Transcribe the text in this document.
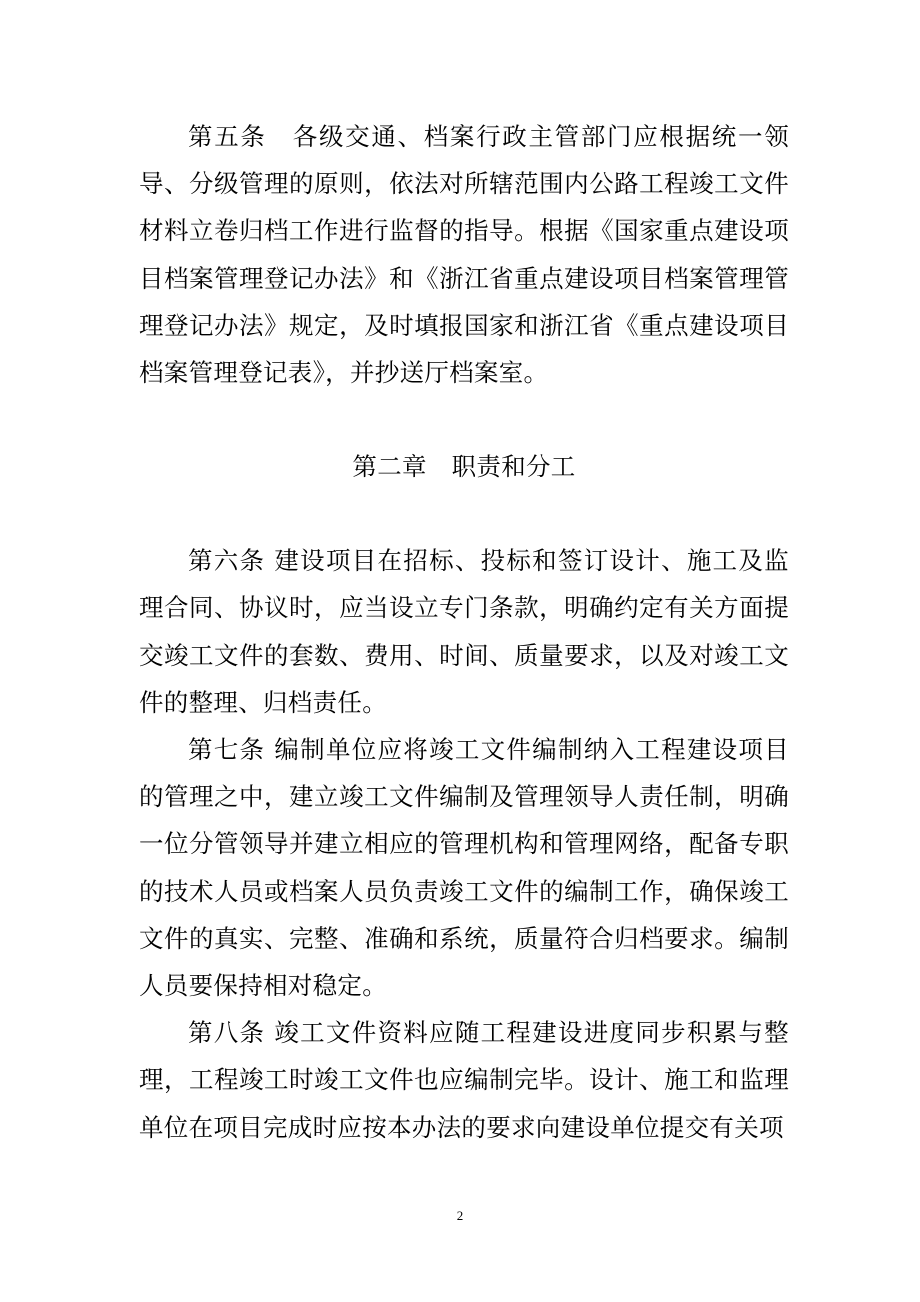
第五条　各级交通、档案行政主管部门应根据统一领导、分级管理的原则，依法对所辖范围内公路工程竣工文件材料立卷归档工作进行监督的指导。根据《国家重点建设项目档案管理登记办法》和《浙江省重点建设项目档案管理管理登记办法》规定，及时填报国家和浙江省《重点建设项目档案管理登记表》，并抄送厅档案室。

第二章　职责和分工

第六条 建设项目在招标、投标和签订设计、施工及监理合同、协议时，应当设立专门条款，明确约定有关方面提交竣工文件的套数、费用、时间、质量要求，以及对竣工文件的整理、归档责任。

第七条 编制单位应将竣工文件编制纳入工程建设项目的管理之中，建立竣工文件编制及管理领导人责任制，明确一位分管领导并建立相应的管理机构和管理网络，配备专职的技术人员或档案人员负责竣工文件的编制工作，确保竣工文件的真实、完整、准确和系统，质量符合归档要求。编制人员要保持相对稳定。

第八条 竣工文件资料应随工程建设进度同步积累与整理，工程竣工时竣工文件也应编制完毕。设计、施工和监理单位在项目完成时应按本办法的要求向建设单位提交有关项

2
